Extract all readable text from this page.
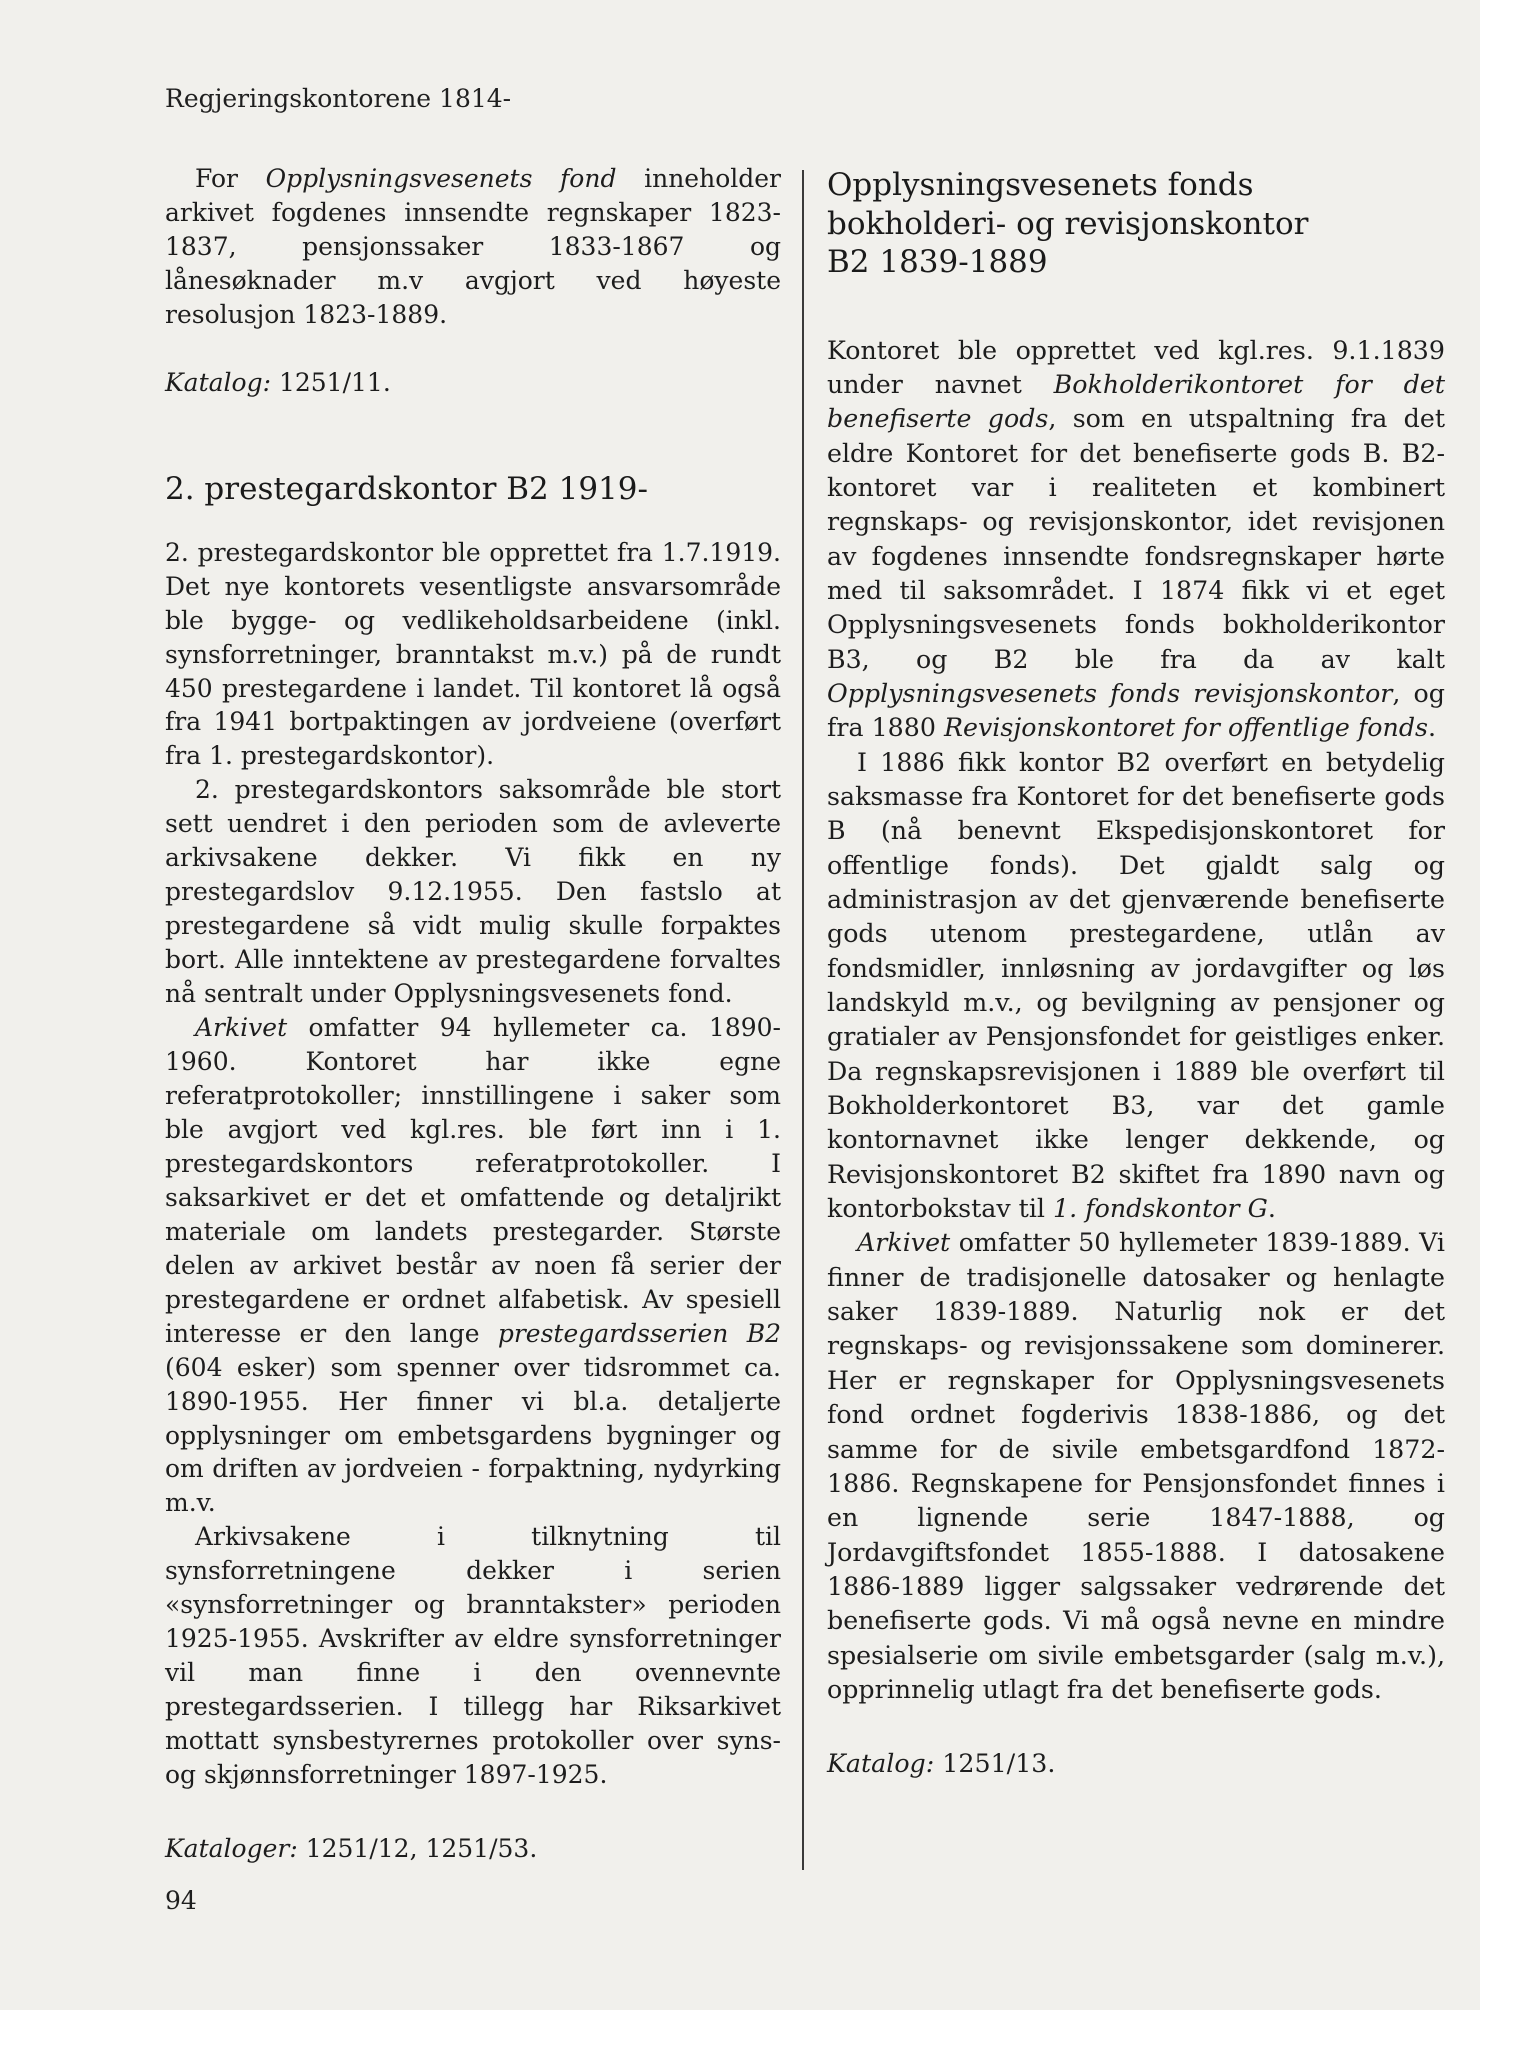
Regjeringskontorene 1814-

For Opplysningsvesenets fond inneholder arkivet fogdenes innsendte regnskaper 1823-1837, pensjonssaker 1833-1867 og lånesøknader m.v avgjort ved høyeste resolusjon 1823-1889.

Katalog: 1251/11.

2. prestegardskontor B2 1919-

2. prestegardskontor ble opprettet fra 1.7.1919. Det nye kontorets vesentligste ansvarsområde ble bygge- og vedlikeholdsarbeidene (inkl. synsforretninger, branntakst m.v.) på de rundt 450 prestegardene i landet. Til kontoret lå også fra 1941 bortpaktingen av jordveiene (overført fra 1. prestegardskontor).

2. prestegardskontors saksområde ble stort sett uendret i den perioden som de avleverte arkivsakene dekker. Vi fikk en ny prestegardslov 9.12.1955. Den fastslo at prestegardene så vidt mulig skulle forpaktes bort. Alle inntektene av prestegardene forvaltes nå sentralt under Opplysningsvesenets fond.

Arkivet omfatter 94 hyllemeter ca. 1890-1960. Kontoret har ikke egne referatprotokoller; innstillingene i saker som ble avgjort ved kgl.res. ble ført inn i 1. prestegardskontors referatprotokoller. I saksarkivet er det et omfattende og detaljrikt materiale om landets prestegarder. Største delen av arkivet består av noen få serier der prestegardene er ordnet alfabetisk. Av spesiell interesse er den lange prestegardsserien B2 (604 esker) som spenner over tidsrommet ca. 1890-1955. Her finner vi bl.a. detaljerte opplysninger om embetsgardens bygninger og om driften av jordveien - forpaktning, nydyrking m.v.

Arkivsakene i tilknytning til synsforretningene dekker i serien «synsforretninger og branntakster» perioden 1925-1955. Avskrifter av eldre synsforretninger vil man finne i den ovennevnte prestegardsserien. I tillegg har Riksarkivet mottatt synsbestyrernes protokoller over syns- og skjønnsforretninger 1897-1925.

Kataloger: 1251/12, 1251/53.

Opplysningsvesenets fonds
bokholderi- og revisjonskontor
B2 1839-1889

Kontoret ble opprettet ved kgl.res. 9.1.1839 under navnet Bokholderikontoret for det benefiserte gods, som en utspaltning fra det eldre Kontoret for det benefiserte gods B. B2-kontoret var i realiteten et kombinert regnskaps- og revisjonskontor, idet revisjonen av fogdenes innsendte fondsregnskaper hørte med til saksområdet. I 1874 fikk vi et eget Opplysningsvesenets fonds bokholderikontor B3, og B2 ble fra da av kalt Opplysningsvesenets fonds revisjonskontor, og fra 1880 Revisjonskontoret for offentlige fonds.

I 1886 fikk kontor B2 overført en betydelig saksmasse fra Kontoret for det benefiserte gods B (nå benevnt Ekspedisjonskontoret for offentlige fonds). Det gjaldt salg og administrasjon av det gjenværende benefiserte gods utenom prestegardene, utlån av fondsmidler, innløsning av jordavgifter og løs landskyld m.v., og bevilgning av pensjoner og gratialer av Pensjonsfondet for geistliges enker. Da regnskapsrevisjonen i 1889 ble overført til Bokholderkontoret B3, var det gamle kontornavnet ikke lenger dekkende, og Revisjonskontoret B2 skiftet fra 1890 navn og kontorbokstav til 1. fondskontor G.

Arkivet omfatter 50 hyllemeter 1839-1889. Vi finner de tradisjonelle datosaker og henlagte saker 1839-1889. Naturlig nok er det regnskaps- og revisjonssakene som dominerer. Her er regnskaper for Opplysningsvesenets fond ordnet fogderivis 1838-1886, og det samme for de sivile embetsgardfond 1872-1886. Regnskapene for Pensjonsfondet finnes i en lignende serie 1847-1888, og Jordavgiftsfondet 1855-1888. I datosakene 1886-1889 ligger salgssaker vedrørende det benefiserte gods. Vi må også nevne en mindre spesialserie om sivile embetsgarder (salg m.v.), opprinnelig utlagt fra det benefiserte gods.

Katalog: 1251/13.

94
